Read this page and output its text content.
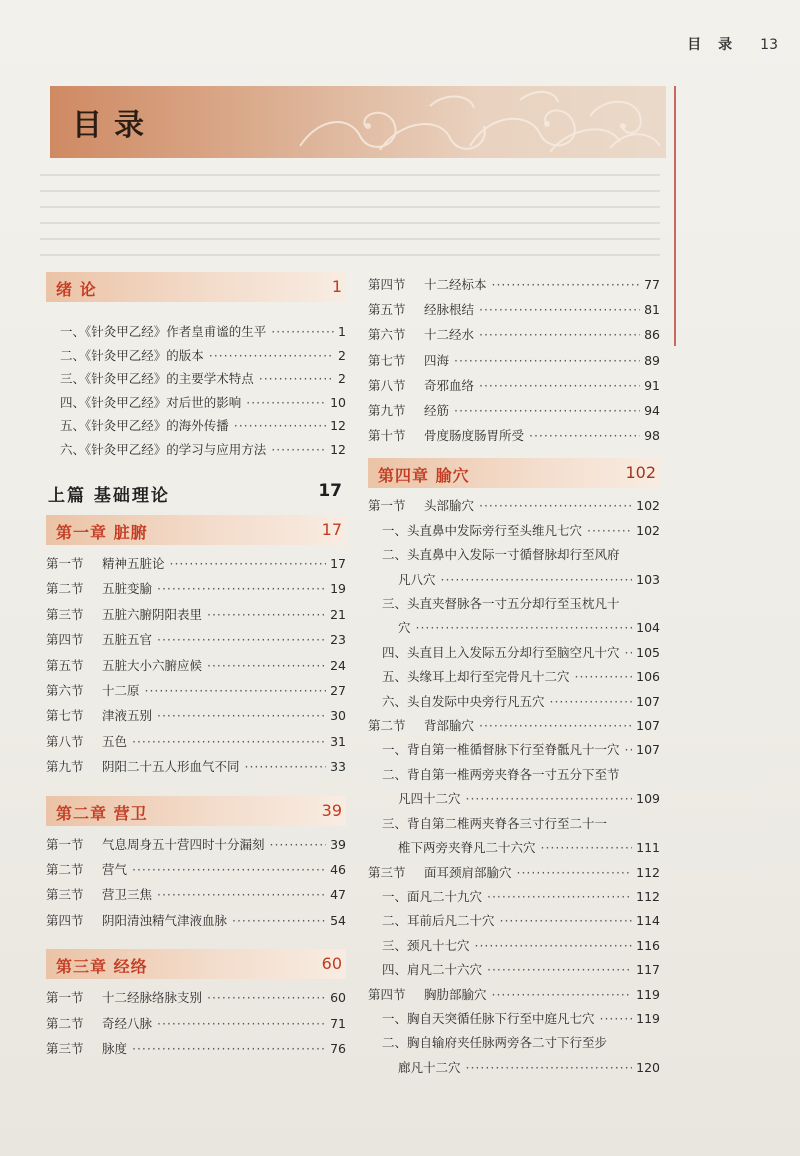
目 录 13
目录
绪 论	1
一、《针灸甲乙经》作者皇甫谧的生平 ·····	1
二、《针灸甲乙经》的版本 ·····	2
三、《针灸甲乙经》的主要学术特点 ·····	2
四、《针灸甲乙经》对后世的影响 ·····	10
五、《针灸甲乙经》的海外传播 ·····	12
六、《针灸甲乙经》的学习与应用方法 ·····	12
上篇 基础理论	17
第一章 脏腑	17
第一节	精神五脏论 ·····	17
第二节	五脏变腧 ·····	19
第三节	五脏六腑阴阳表里 ·····	21
第四节	五脏五官 ·····	23
第五节	五脏大小六腑应候 ·····	24
第六节	十二原 ·····	27
第七节	津液五别 ·····	30
第八节	五色 ·····	31
第九节	阴阳二十五人形血气不同 ·····	33
第二章 营卫	39
第一节	气息周身五十营四时十分漏刻 ·····	39
第二节	营气 ·····	46
第三节	营卫三焦 ·····	47
第四节	阴阳清浊精气津液血脉 ·····	54
第三章 经络	60
第一节	十二经脉络脉支别 ·····	60
第二节	奇经八脉 ·····	71
第三节	脉度 ·····	76
第四节	十二经标本 ·····	77
第五节	经脉根结 ·····	81
第六节	十二经水 ·····	86
第七节	四海 ·····	89
第八节	奇邪血络 ·····	91
第九节	经筋 ·····	94
第十节	骨度肠度肠胃所受 ·····	98
第四章 腧穴	102
第一节	头部腧穴 ·····	102
一、头直鼻中发际旁行至头维凡七穴 ·····	102
二、头直鼻中入发际一寸循督脉却行至风府
凡八穴 ·····	103
三、头直夹督脉各一寸五分却行至玉枕凡十
穴 ·····	104
四、头直目上入发际五分却行至脑空凡十穴 ·····	105
五、头缘耳上却行至完骨凡十二穴 ·····	106
六、头自发际中央旁行凡五穴 ·····	107
第二节	背部腧穴 ·····	107
一、背自第一椎循督脉下行至脊骶凡十一穴 ·····	107
二、背自第一椎两旁夹脊各一寸五分下至节
凡四十二穴 ·····	109
三、背自第二椎两夹脊各三寸行至二十一
椎下两旁夹脊凡二十六穴 ·····	111
第三节	面耳颈肩部腧穴 ·····	112
一、面凡二十九穴 ·····	112
二、耳前后凡二十穴 ·····	114
三、颈凡十七穴 ·····	116
四、肩凡二十六穴 ·····	117
第四节	胸肋部腧穴 ·····	119
一、胸自天突循任脉下行至中庭凡七穴 ·····	119
二、胸自输府夹任脉两旁各二寸下行至步
廊凡十二穴 ·····	120
